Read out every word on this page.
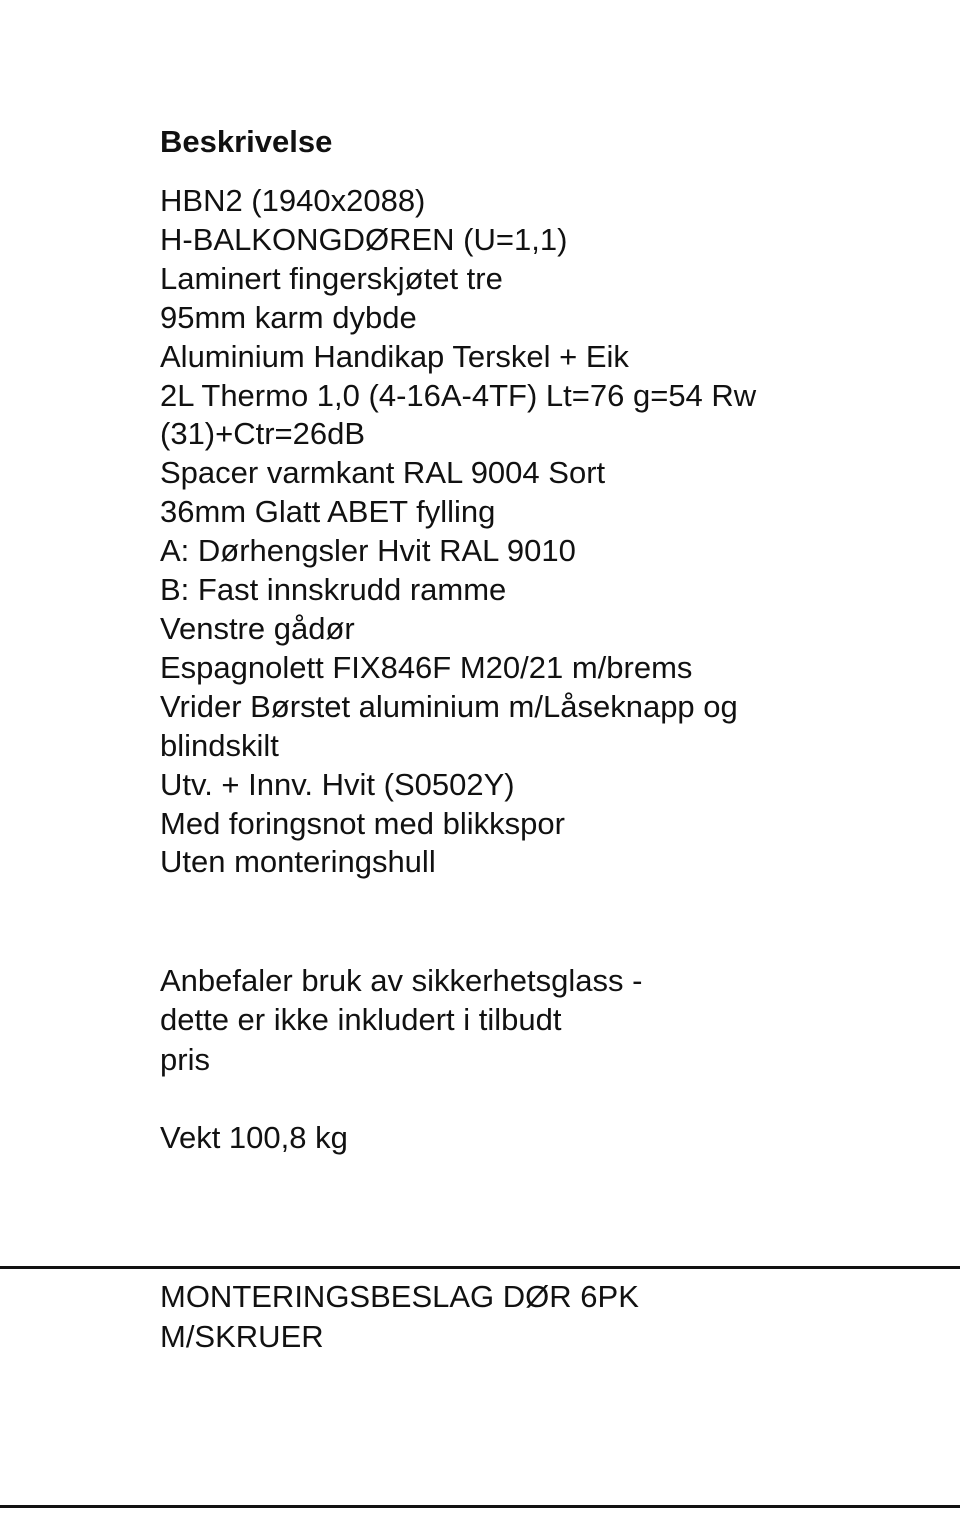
Beskrivelse
HBN2 (1940x2088)
H-BALKONGDØREN (U=1,1)
Laminert fingerskjøtet tre
95mm karm dybde
Aluminium Handikap Terskel + Eik
2L Thermo 1,0 (4-16A-4TF) Lt=76 g=54 Rw
(31)+Ctr=26dB
Spacer varmkant RAL 9004 Sort
36mm Glatt ABET fylling
A: Dørhengsler Hvit RAL 9010
B: Fast innskrudd ramme
Venstre gådør
Espagnolett FIX846F M20/21 m/brems
Vrider Børstet aluminium m/Låseknapp og
blindskilt
Utv. + Innv. Hvit (S0502Y)
Med foringsnot med blikkspor
Uten monteringshull

Anbefaler bruk av sikkerhetsglass -
dette er ikke inkludert i tilbudt
pris

Vekt 100,8 kg

MONTERINGSBESLAG DØR 6PK
M/SKRUER
